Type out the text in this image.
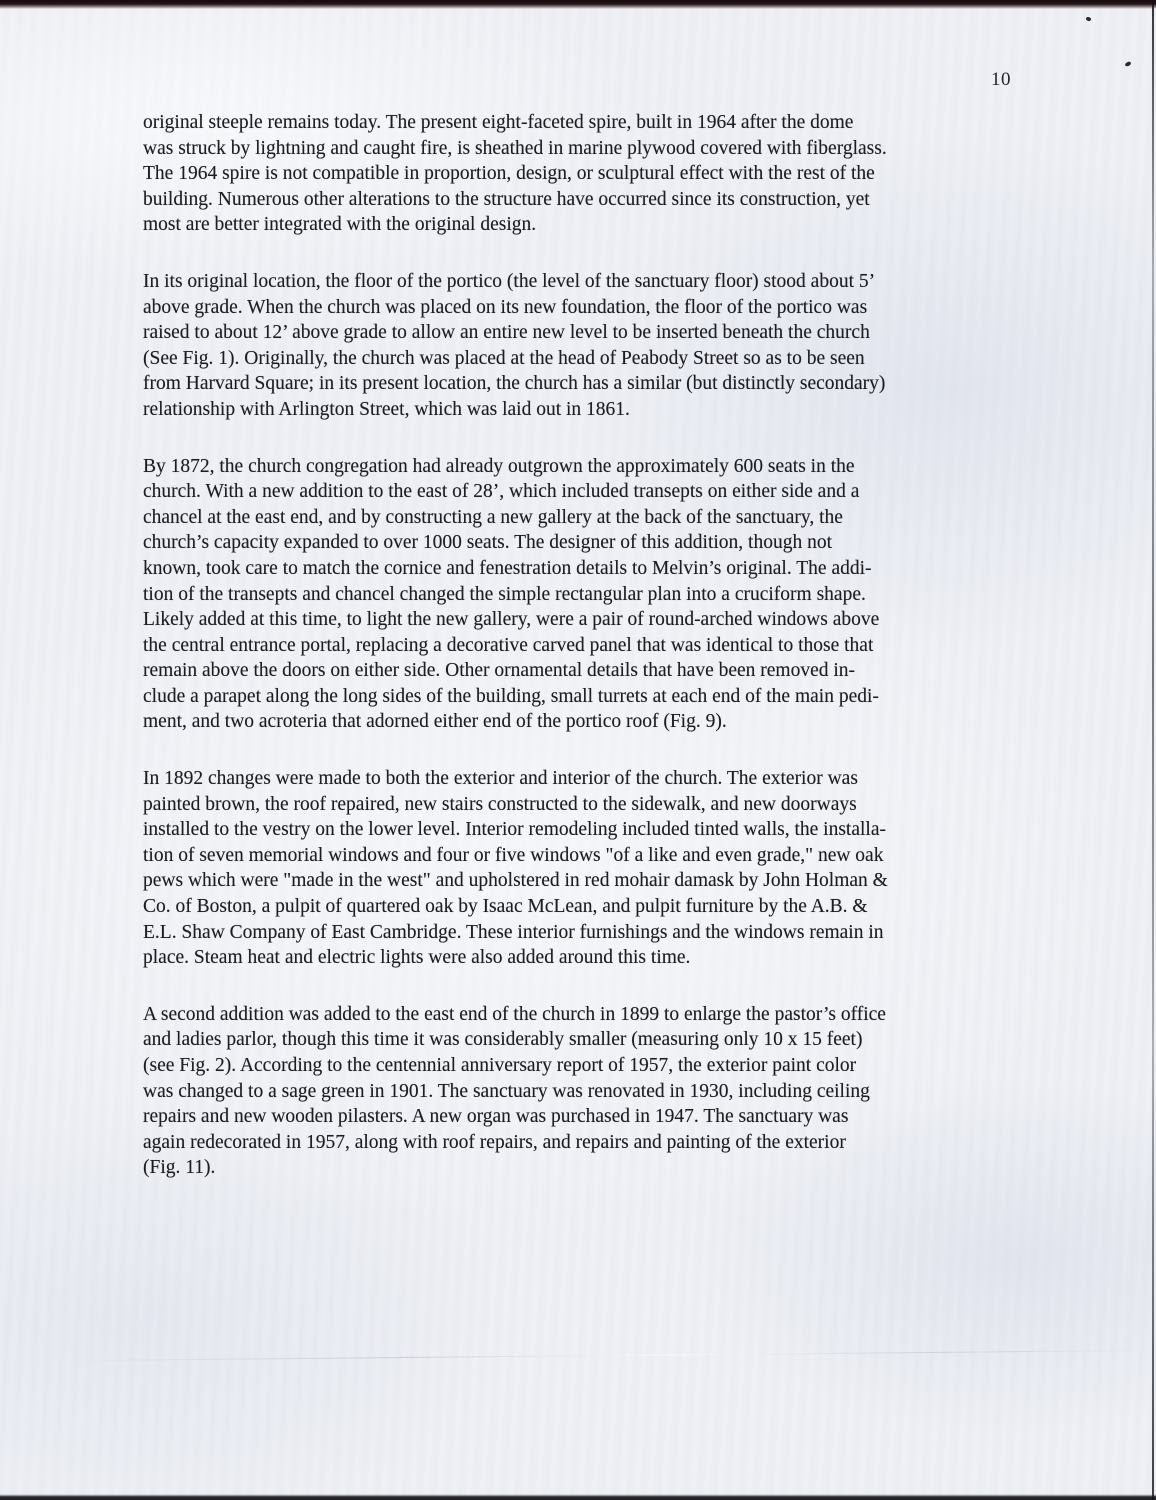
10

original steeple remains today. The present eight-faceted spire, built in 1964 after the dome
was struck by lightning and caught fire, is sheathed in marine plywood covered with fiberglass.
The 1964 spire is not compatible in proportion, design, or sculptural effect with the rest of the
building. Numerous other alterations to the structure have occurred since its construction, yet
most are better integrated with the original design.

In its original location, the floor of the portico (the level of the sanctuary floor) stood about 5’
above grade. When the church was placed on its new foundation, the floor of the portico was
raised to about 12’ above grade to allow an entire new level to be inserted beneath the church
(See Fig. 1). Originally, the church was placed at the head of Peabody Street so as to be seen
from Harvard Square; in its present location, the church has a similar (but distinctly secondary)
relationship with Arlington Street, which was laid out in 1861.

By 1872, the church congregation had already outgrown the approximately 600 seats in the
church. With a new addition to the east of 28’, which included transepts on either side and a
chancel at the east end, and by constructing a new gallery at the back of the sanctuary, the
church’s capacity expanded to over 1000 seats. The designer of this addition, though not
known, took care to match the cornice and fenestration details to Melvin’s original. The addi-
tion of the transepts and chancel changed the simple rectangular plan into a cruciform shape.
Likely added at this time, to light the new gallery, were a pair of round-arched windows above
the central entrance portal, replacing a decorative carved panel that was identical to those that
remain above the doors on either side. Other ornamental details that have been removed in-
clude a parapet along the long sides of the building, small turrets at each end of the main pedi-
ment, and two acroteria that adorned either end of the portico roof (Fig. 9).

In 1892 changes were made to both the exterior and interior of the church. The exterior was
painted brown, the roof repaired, new stairs constructed to the sidewalk, and new doorways
installed to the vestry on the lower level. Interior remodeling included tinted walls, the installa-
tion of seven memorial windows and four or five windows "of a like and even grade," new oak
pews which were "made in the west" and upholstered in red mohair damask by John Holman &
Co. of Boston, a pulpit of quartered oak by Isaac McLean, and pulpit furniture by the A.B. &
E.L. Shaw Company of East Cambridge. These interior furnishings and the windows remain in
place. Steam heat and electric lights were also added around this time.

A second addition was added to the east end of the church in 1899 to enlarge the pastor’s office
and ladies parlor, though this time it was considerably smaller (measuring only 10 x 15 feet)
(see Fig. 2). According to the centennial anniversary report of 1957, the exterior paint color
was changed to a sage green in 1901. The sanctuary was renovated in 1930, including ceiling
repairs and new wooden pilasters. A new organ was purchased in 1947. The sanctuary was
again redecorated in 1957, along with roof repairs, and repairs and painting of the exterior
(Fig. 11).
